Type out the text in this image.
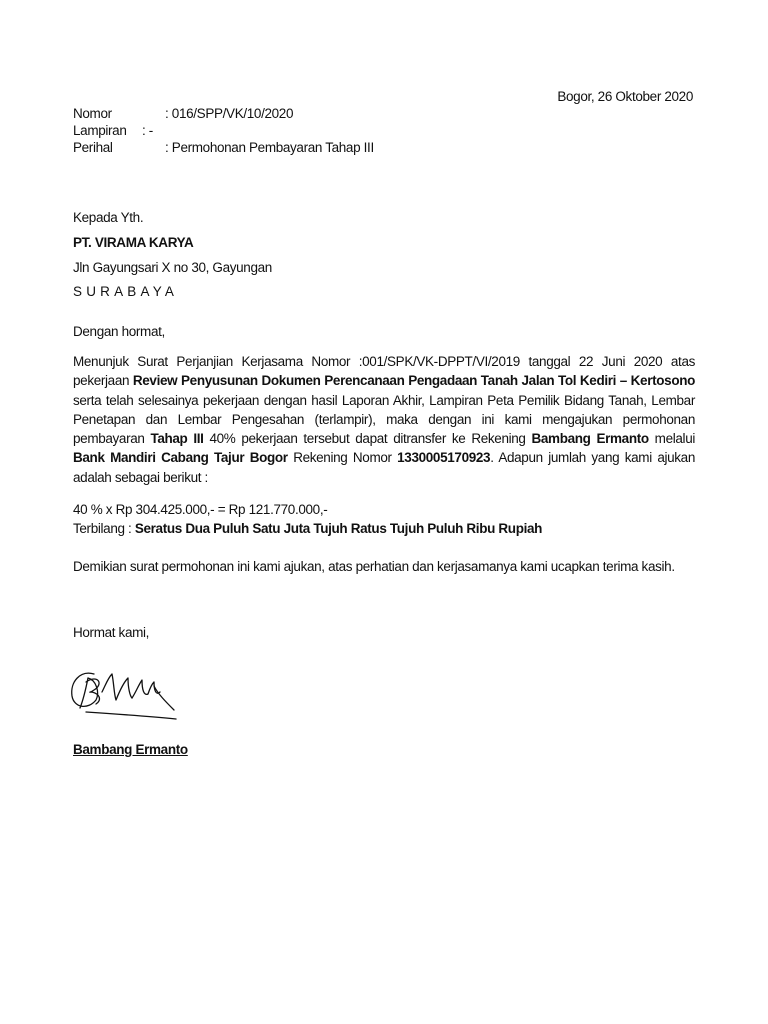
Bogor, 26 Oktober 2020
Nomor	: 016/SPP/VK/10/2020
Lampiran : -
Perihal	: Permohonan Pembayaran Tahap III
Kepada Yth.
PT. VIRAMA KARYA
Jln Gayungsari X no 30, Gayungan
SURABAYA
Dengan hormat,
Menunjuk Surat Perjanjian Kerjasama Nomor :001/SPK/VK-DPPT/VI/2019 tanggal 22 Juni 2020 atas pekerjaan Review Penyusunan Dokumen Perencanaan Pengadaan Tanah Jalan Tol Kediri – Kertosono serta telah selesainya pekerjaan dengan hasil Laporan Akhir, Lampiran Peta Pemilik Bidang Tanah, Lembar Penetapan dan Lembar Pengesahan (terlampir), maka dengan ini kami mengajukan permohonan pembayaran Tahap III 40% pekerjaan tersebut dapat ditransfer ke Rekening Bambang Ermanto melalui Bank Mandiri Cabang Tajur Bogor Rekening Nomor 1330005170923. Adapun jumlah yang kami ajukan adalah sebagai berikut :
40 % x Rp 304.425.000,- = Rp 121.770.000,-
Terbilang : Seratus Dua Puluh Satu Juta Tujuh Ratus Tujuh Puluh Ribu Rupiah
Demikian surat permohonan ini kami ajukan, atas perhatian dan kerjasamanya kami ucapkan terima kasih.
Hormat kami,
Bambang Ermanto
